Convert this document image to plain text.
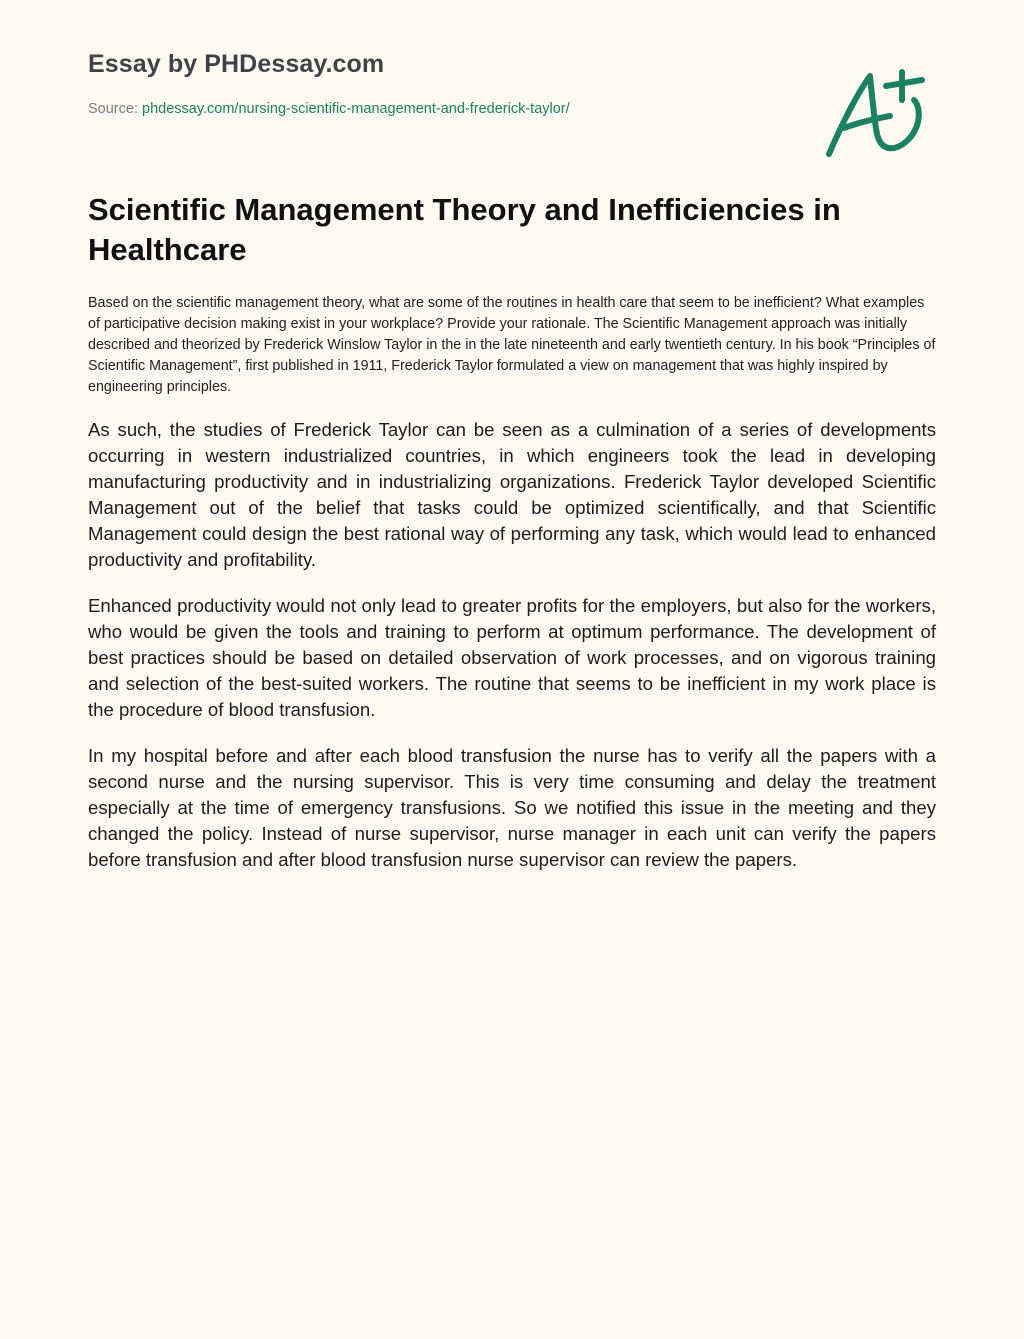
Essay by PHDessay.com
Source: phdessay.com/nursing-scientific-management-and-frederick-taylor/
Scientific Management Theory and Inefficiencies in Healthcare

Based on the scientific management theory, what are some of the routines in health care that seem to be inefficient? What examples of participative decision making exist in your workplace? Provide your rationale. The Scientific Management approach was initially described and theorized by Frederick Winslow Taylor in the in the late nineteenth and early twentieth century. In his book “Principles of Scientific Management”, first published in 1911, Frederick Taylor formulated a view on management that was highly inspired by engineering principles.

As such, the studies of Frederick Taylor can be seen as a culmination of a series of developments occurring in western industrialized countries, in which engineers took the lead in developing manufacturing productivity and in industrializing organizations. Frederick Taylor developed Scientific Management out of the belief that tasks could be optimized scientifically, and that Scientific Management could design the best rational way of performing any task, which would lead to enhanced productivity and profitability.

Enhanced productivity would not only lead to greater profits for the employers, but also for the workers, who would be given the tools and training to perform at optimum performance. The development of best practices should be based on detailed observation of work processes, and on vigorous training and selection of the best-suited workers. The routine that seems to be inefficient in my work place is the procedure of blood transfusion.

In my hospital before and after each blood transfusion the nurse has to verify all the papers with a second nurse and the nursing supervisor. This is very time consuming and delay the treatment especially at the time of emergency transfusions. So we notified this issue in the meeting and they changed the policy. Instead of nurse supervisor, nurse manager in each unit can verify the papers before transfusion and after blood transfusion nurse supervisor can review the papers.
